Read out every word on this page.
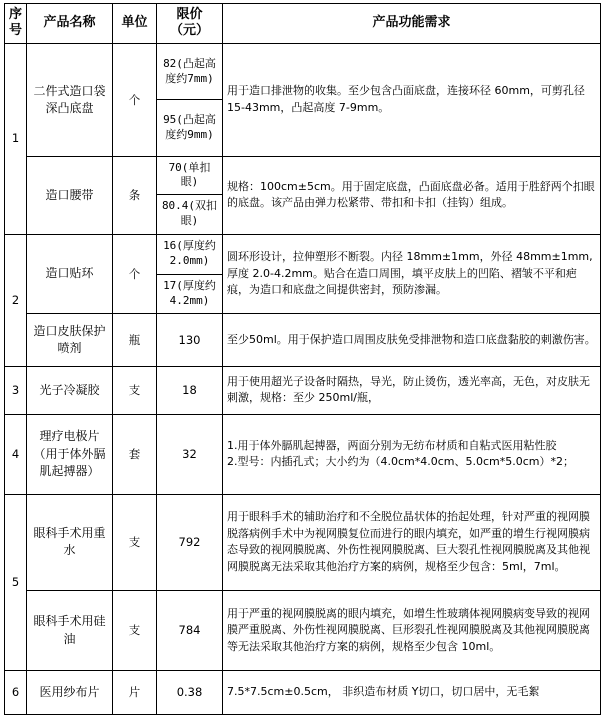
序号	产品名称	单位	限价（元）	产品功能需求
1	二件式造口袋深凸底盘	个	82(凸起高度约7mm)	用于造口排泄物的收集。至少包含凸面底盘，连接环径 60mm，可剪孔径 15-43mm，凸起高度 7-9mm。
			95(凸起高度约9mm)	
	造口腰带	条	70(单扣眼)	规格：100cm±5cm。用于固定底盘，凸面底盘必备。适用于胜舒两个扣眼的底盘。该产品由弹力松紧带、带扣和卡扣（挂钩）组成。
			80.4(双扣眼)	
2	造口贴环	个	16(厚度约2.0mm)	圆环形设计，拉伸塑形不断裂。内径 18mm±1mm，外径 48mm±1mm, 厚度 2.0-4.2mm。贴合在造口周围，填平皮肤上的凹陷、褶皱不平和疤痕，为造口和底盘之间提供密封，预防渗漏。
			17(厚度约4.2mm)	
	造口皮肤保护喷剂	瓶	130	至少50ml。用于保护造口周围皮肤免受排泄物和造口底盘黏胶的刺激伤害。
3	光子冷凝胶	支	18	用于使用超光子设备时隔热，导光，防止烫伤，透光率高，无色，对皮肤无刺激，规格：至少 250ml/瓶，
4	理疗电极片（用于体外膈肌起搏器）	套	32	1.用于体外膈肌起搏器，两面分别为无纺布材质和自粘式医用粘性胶
2.型号：内插孔式；大小约为（4.0cm*4.0cm、5.0cm*5.0cm）*2；

5	眼科手术用重水	支	792	用于眼科手术的辅助治疗和不全脱位晶状体的抬起处理，针对严重的视网膜脱落病例手术中为视网膜复位而进行的眼内填充，如严重的增生行视网膜病态导致的视网膜脱离、外伤性视网膜脱离、巨大裂孔性视网膜脱离及其他视网膜脱离无法采取其他治疗方案的病例，规格至少包含：5ml，7ml。
	眼科手术用硅油	支	784	用于严重的视网膜脱离的眼内填充，如增生性玻璃体视网膜病变导致的视网膜严重脱离、外伤性视网膜脱离、巨形裂孔性视网膜脱离及其他视网膜脱离等无法采取其他治疗方案的病例，规格至少包含 10ml。
6	医用纱布片	片	0.38	7.5*7.5cm±0.5cm， 非织造布材质 Y切口，切口居中，无毛絮
